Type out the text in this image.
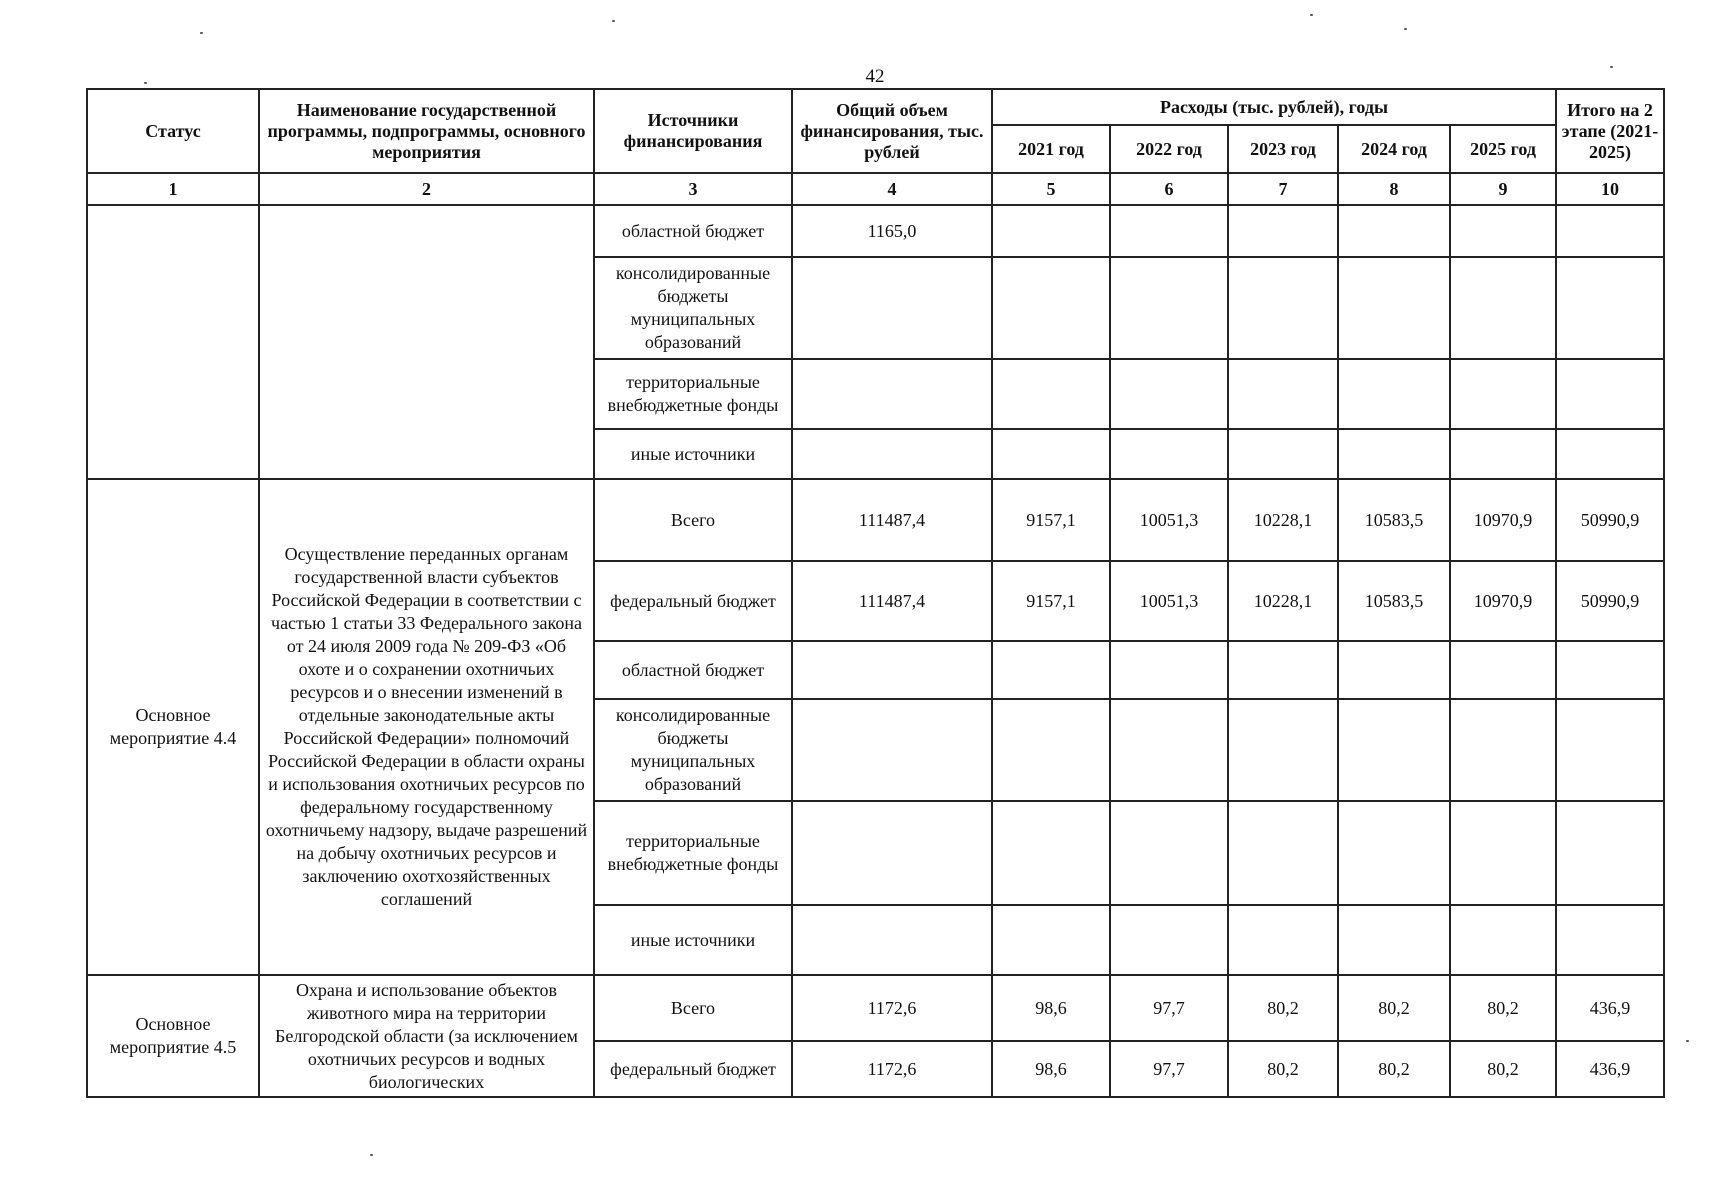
42
Статус	Наименование государственной программы, подпрограммы, основного мероприятия	Источники финансирования	Общий объем финансирования, тыс. рублей	Расходы (тыс. рублей), годы					Итого на 2 этапе (2021-2025)
				2021 год	2022 год	2023 год	2024 год	2025 год	
1	2	3	4	5	6	7	8	9	10
		областной бюджет	1165,0						
		консолидированные бюджеты муниципальных образований							
		территориальные внебюджетные фонды							
		иные источники							
Основное мероприятие 4.4	Осуществление переданных органам государственной власти субъектов Российской Федерации в соответствии с частью 1 статьи 33 Федерального закона от 24 июля 2009 года № 209-ФЗ «Об охоте и о сохранении охотничьих ресурсов и о внесении изменений в отдельные законодательные акты Российской Федерации» полномочий Российской Федерации в области охраны и использования охотничьих ресурсов по федеральному государственному охотничьему надзору, выдаче разрешений на добычу охотничьих ресурсов и заключению охотхозяйственных соглашений	Всего	111487,4	9157,1	10051,3	10228,1	10583,5	10970,9	50990,9
		федеральный бюджет	111487,4	9157,1	10051,3	10228,1	10583,5	10970,9	50990,9
		областной бюджет							
		консолидированные бюджеты муниципальных образований							
		территориальные внебюджетные фонды							
		иные источники							
Основное мероприятие 4.5	Охрана и использование объектов животного мира на территории Белгородской области (за исключением охотничьих ресурсов и водных биологических	Всего	1172,6	98,6	97,7	80,2	80,2	80,2	436,9
		федеральный бюджет	1172,6	98,6	97,7	80,2	80,2	80,2	436,9
